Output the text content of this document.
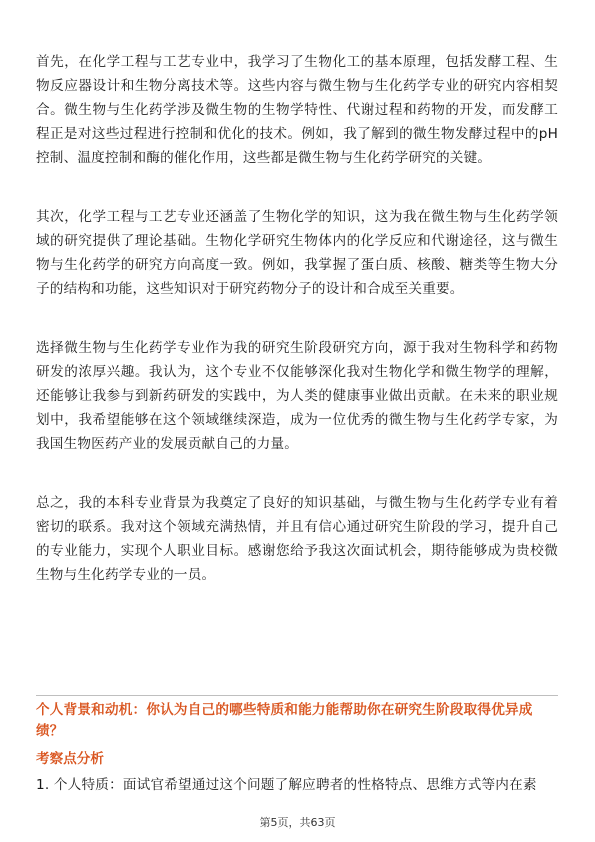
首先，在化学工程与工艺专业中，我学习了生物化工的基本原理，包括发酵工程、生物反应器设计和生物分离技术等。这些内容与微生物与生化药学专业的研究内容相契合。微生物与生化药学涉及微生物的生物学特性、代谢过程和药物的开发，而发酵工程正是对这些过程进行控制和优化的技术。例如，我了解到的微生物发酵过程中的pH控制、温度控制和酶的催化作用，这些都是微生物与生化药学研究的关键。

其次，化学工程与工艺专业还涵盖了生物化学的知识，这为我在微生物与生化药学领域的研究提供了理论基础。生物化学研究生物体内的化学反应和代谢途径，这与微生物与生化药学的研究方向高度一致。例如，我掌握了蛋白质、核酸、糖类等生物大分子的结构和功能，这些知识对于研究药物分子的设计和合成至关重要。

选择微生物与生化药学专业作为我的研究生阶段研究方向，源于我对生物科学和药物研发的浓厚兴趣。我认为，这个专业不仅能够深化我对生物化学和微生物学的理解，还能够让我参与到新药研发的实践中，为人类的健康事业做出贡献。在未来的职业规划中，我希望能够在这个领域继续深造，成为一位优秀的微生物与生化药学专家，为我国生物医药产业的发展贡献自己的力量。

总之，我的本科专业背景为我奠定了良好的知识基础，与微生物与生化药学专业有着密切的联系。我对这个领域充满热情，并且有信心通过研究生阶段的学习，提升自己的专业能力，实现个人职业目标。感谢您给予我这次面试机会，期待能够成为贵校微生物与生化药学专业的一员。

个人背景和动机：你认为自己的哪些特质和能力能帮助你在研究生阶段取得优异成绩？

考察点分析

1. 个人特质：面试官希望通过这个问题了解应聘者的性格特点、思维方式等内在素

第5页，共63页
